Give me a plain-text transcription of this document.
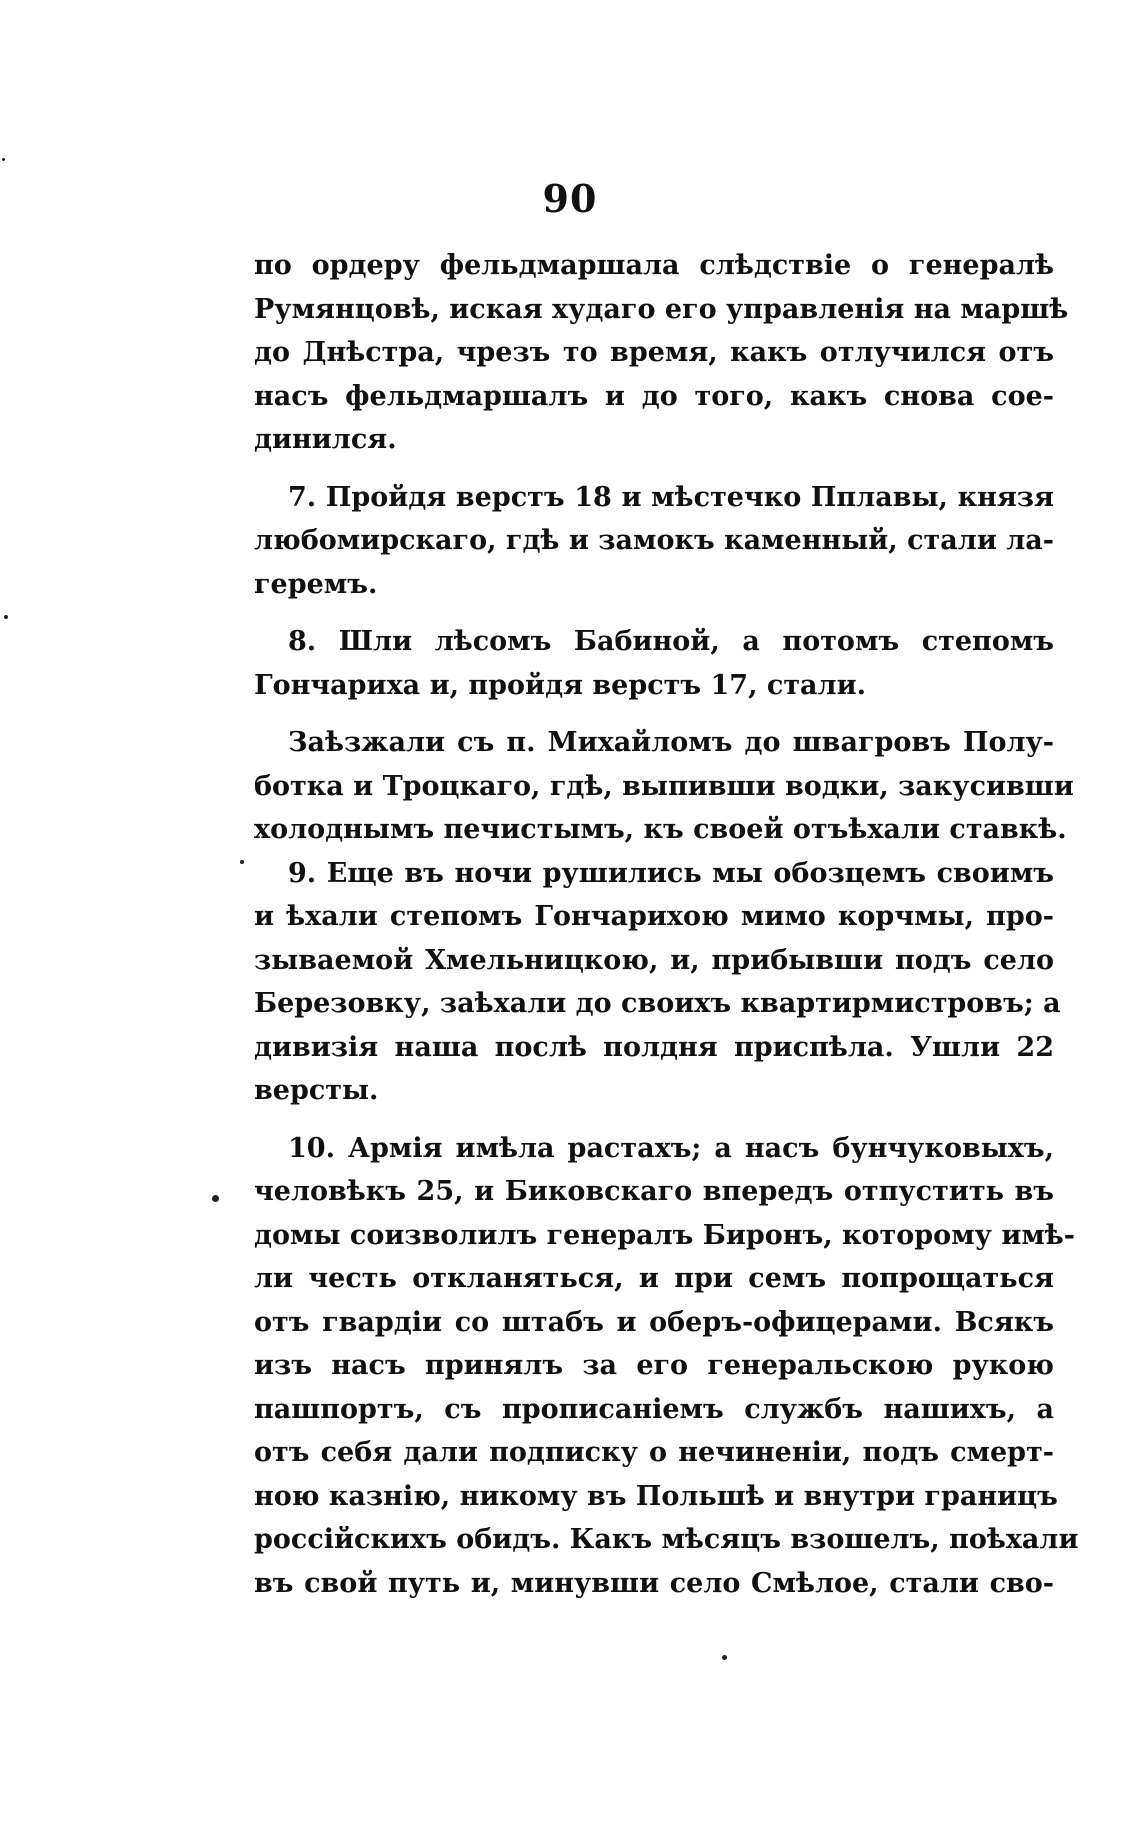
90
по ордеру фельдмаршала слѣдствіе о генералѣ
Румянцовѣ, иская худаго его управленія на маршѣ
до Днѣстра, чрезъ то время, какъ отлучился отъ
насъ фельдмаршалъ и до того, какъ снова сое-
динился.
7. Пройдя верстъ 18 и мѣстечко Пплавы, князя
любомирскаго, гдѣ и замокъ каменный, стали ла-
геремъ.
8. Шли лѣсомъ Бабиной, а потомъ степомъ
Гончариха и, пройдя верстъ 17, стали.
Заѣзжали съ п. Михайломъ до швагровъ Полу-
ботка и Троцкаго, гдѣ, выпивши водки, закусивши
холоднымъ печистымъ, къ своей отъѣхали ставкѣ.
9. Еще въ ночи рушились мы обозцемъ своимъ
и ѣхали степомъ Гончарихою мимо корчмы, про-
зываемой Хмельницкою, и, прибывши подъ село
Березовку, заѣхали до своихъ квартирмистровъ; а
дивизія наша послѣ полдня приспѣла. Ушли 22
версты.
10. Армія имѣла растахъ; а насъ бунчуковыхъ,
человѣкъ 25, и Биковскаго впередъ отпустить въ
домы соизволилъ генералъ Биронъ, которому имѣ-
ли честь откланяться, и при семъ попрощаться
отъ гвардіи со штабъ и оберъ-офицерами. Всякъ
изъ насъ принялъ за его генеральскою рукою
пашпортъ, съ прописаніемъ службъ нашихъ, а
отъ себя дали подписку о нечиненіи, подъ смерт-
ною казнію, никому въ Польшѣ и внутри границъ
россійскихъ обидъ. Какъ мѣсяцъ взошелъ, поѣхали
въ свой путь и, минувши село Смѣлое, стали сво-
